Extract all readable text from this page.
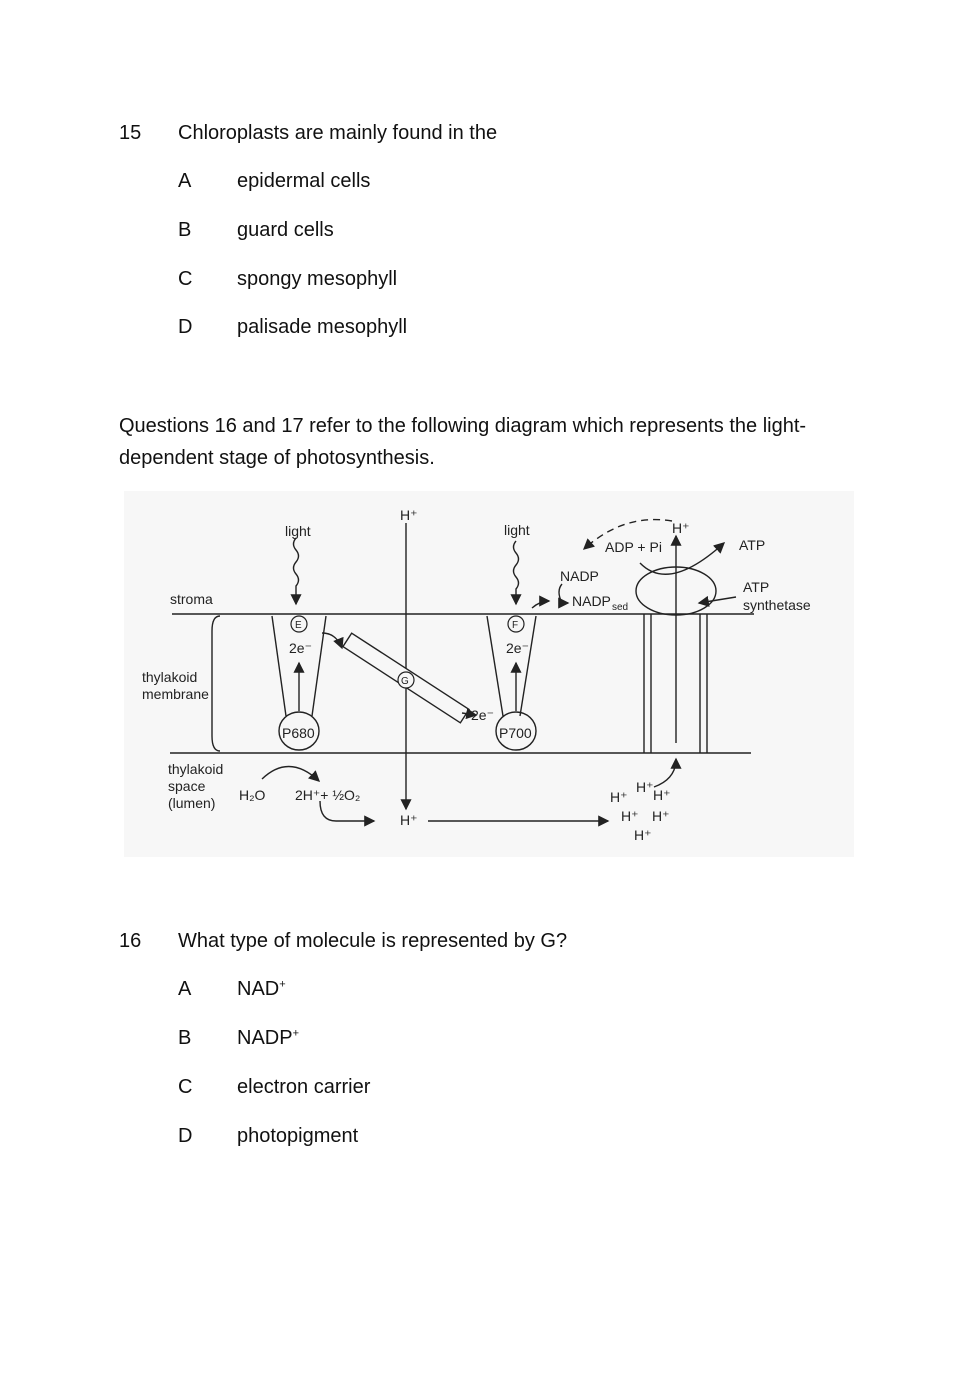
15 Chloroplasts are mainly found in the
A epidermal cells
B guard cells
C spongy mesophyll
D palisade mesophyll
Questions 16 and 17 refer to the following diagram which represents the light-dependent stage of photosynthesis.
E	F
G
light	light
H⁺
H⁺
ADP + Pi	ATP
NADP
NADP sed
ATP
synthetase
stroma
2e⁻	2e⁻
2e⁻
thylakoid
membrane
P680	P700
thylakoid
space
(lumen) H₂O 2H⁺+ ½O₂
H⁺
H⁺
H⁺ H⁺
H⁺ H⁺
H⁺
16 What type of molecule is represented by G?
A NAD+
B NADP+
C electron carrier
D photopigment
